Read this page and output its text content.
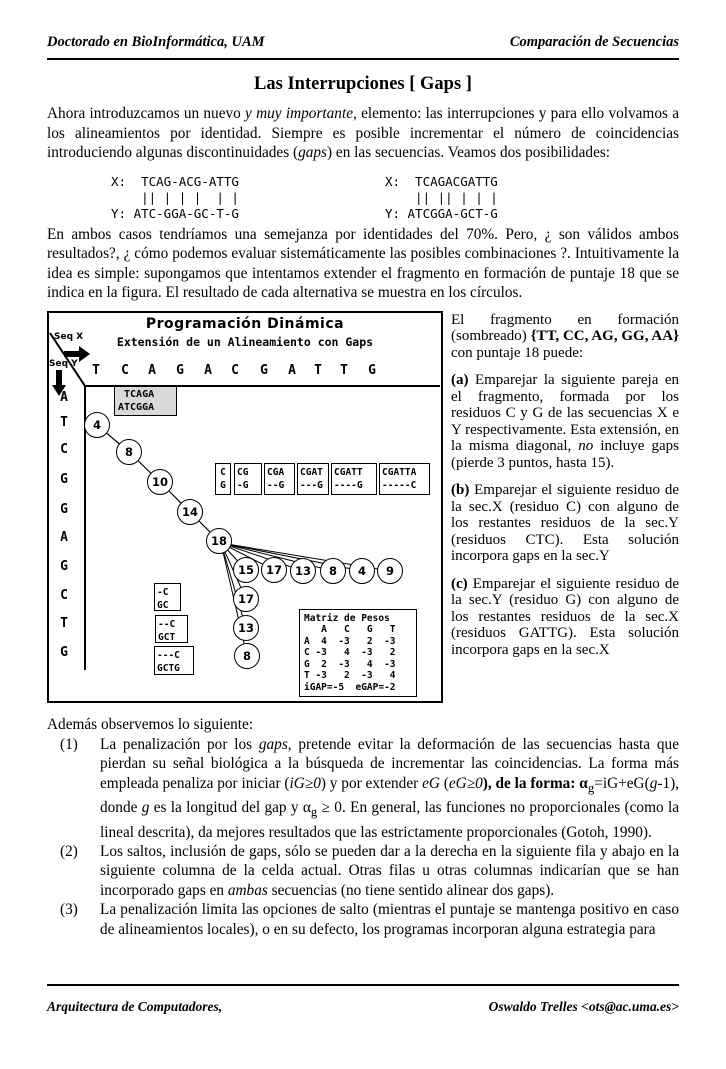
Doctorado en BioInformática, UAM	Comparación de Secuencias
Las Interrupciones [ Gaps ]

Ahora introduzcamos un nuevo y muy importante, elemento: las interrupciones y para ello volvamos a los alineamientos por identidad. Siempre es posible incrementar el número de coincidencias introduciendo algunas discontinuidades (gaps) en las secuencias. Veamos dos posibilidades:

X:  TCAG-ACG-ATTG
|| | | |  | |
Y: ATC-GGA-GC-T-G
X:  TCAGACGATTG
|| || | | |
Y: ATCGGA-GCT-G

En ambos casos tendríamos una semejanza por identidades del 70%. Pero, ¿ son válidos ambos resultados?, ¿ cómo podemos evaluar sistemáticamente las posibles combinaciones ?. Intuitivamente la idea es simple: supongamos que intentamos extender el fragmento en formación de puntaje 18 que se indica en la figura. El resultado de cada alternativa se muestra en los círculos.

Programación Dinámica
Extensión de un Alineamiento con Gaps
Seq X
Seq Y	T	C	A	G	A	C	G	A	T	T	G
A
T
C
G
G
A
G
C
T
G
TCAGA
ATCGGA
4
8
10
14
18
15	17	13	8	4	9
17
13
8
C
G
CG
-G
CGA
--G
CGAT
---G
CGATT
----G
CGATTA
-----C
-C
GC
--C
GCT
---C
GCTG
Matriz de Pesos
A   C   G   T
A  4  -3   2  -3
C -3   4  -3   2
G  2  -3   4  -3
T -3   2  -3   4
iGAP=-5  eGAP=-2

El fragmento en formación (sombreado) {TT, CC, AG, GG, AA} con puntaje 18 puede:

(a) Emparejar la siguiente pareja en el fragmento, formada por los residuos C y G de las secuencias X e Y respectivamente. Esta extensión, en la misma diagonal, no incluye gaps (pierde 3 puntos, hasta 15).

(b) Emparejar el siguiente residuo de la sec.X (residuo C) con alguno de los restantes residuos de la sec.Y (residuos CTC). Esta solución incorpora gaps en la sec.Y

(c) Emparejar el siguiente residuo de la sec.Y (residuo G) con alguno de los restantes residuos de la sec.X (residuos GATTG). Esta solución incorpora gaps en la sec.X

Además observemos lo siguiente:
(1) La penalización por los gaps, pretende evitar la deformación de las secuencias hasta que pierdan su señal biológica a la búsqueda de incrementar las coincidencias. La forma más empleada penaliza por iniciar (iG≥0) y por extender eG (eG≥0), de la forma: $\alpha_g=iG+eG(g-1)$, donde g es la longitud del gap y $\alpha_g \ge 0$. En general, las funciones no proporcionales (como la lineal descrita), da mejores resultados que las estrictamente proporcionales (Gotoh, 1990).
(2) Los saltos, inclusión de gaps, sólo se pueden dar a la derecha en la siguiente fila y abajo en la siguiente columna de la celda actual. Otras filas u otras columnas indicarían que se han incorporado gaps en ambas secuencias (no tiene sentido alinear dos gaps).
(3) La penalización limita las opciones de salto (mientras el puntaje se mantenga positivo en caso de alineamientos locales), o en su defecto, los programas incorporan alguna estrategia para
Arquitectura de Computadores,	Oswaldo Trelles <ots@ac.uma.es>
